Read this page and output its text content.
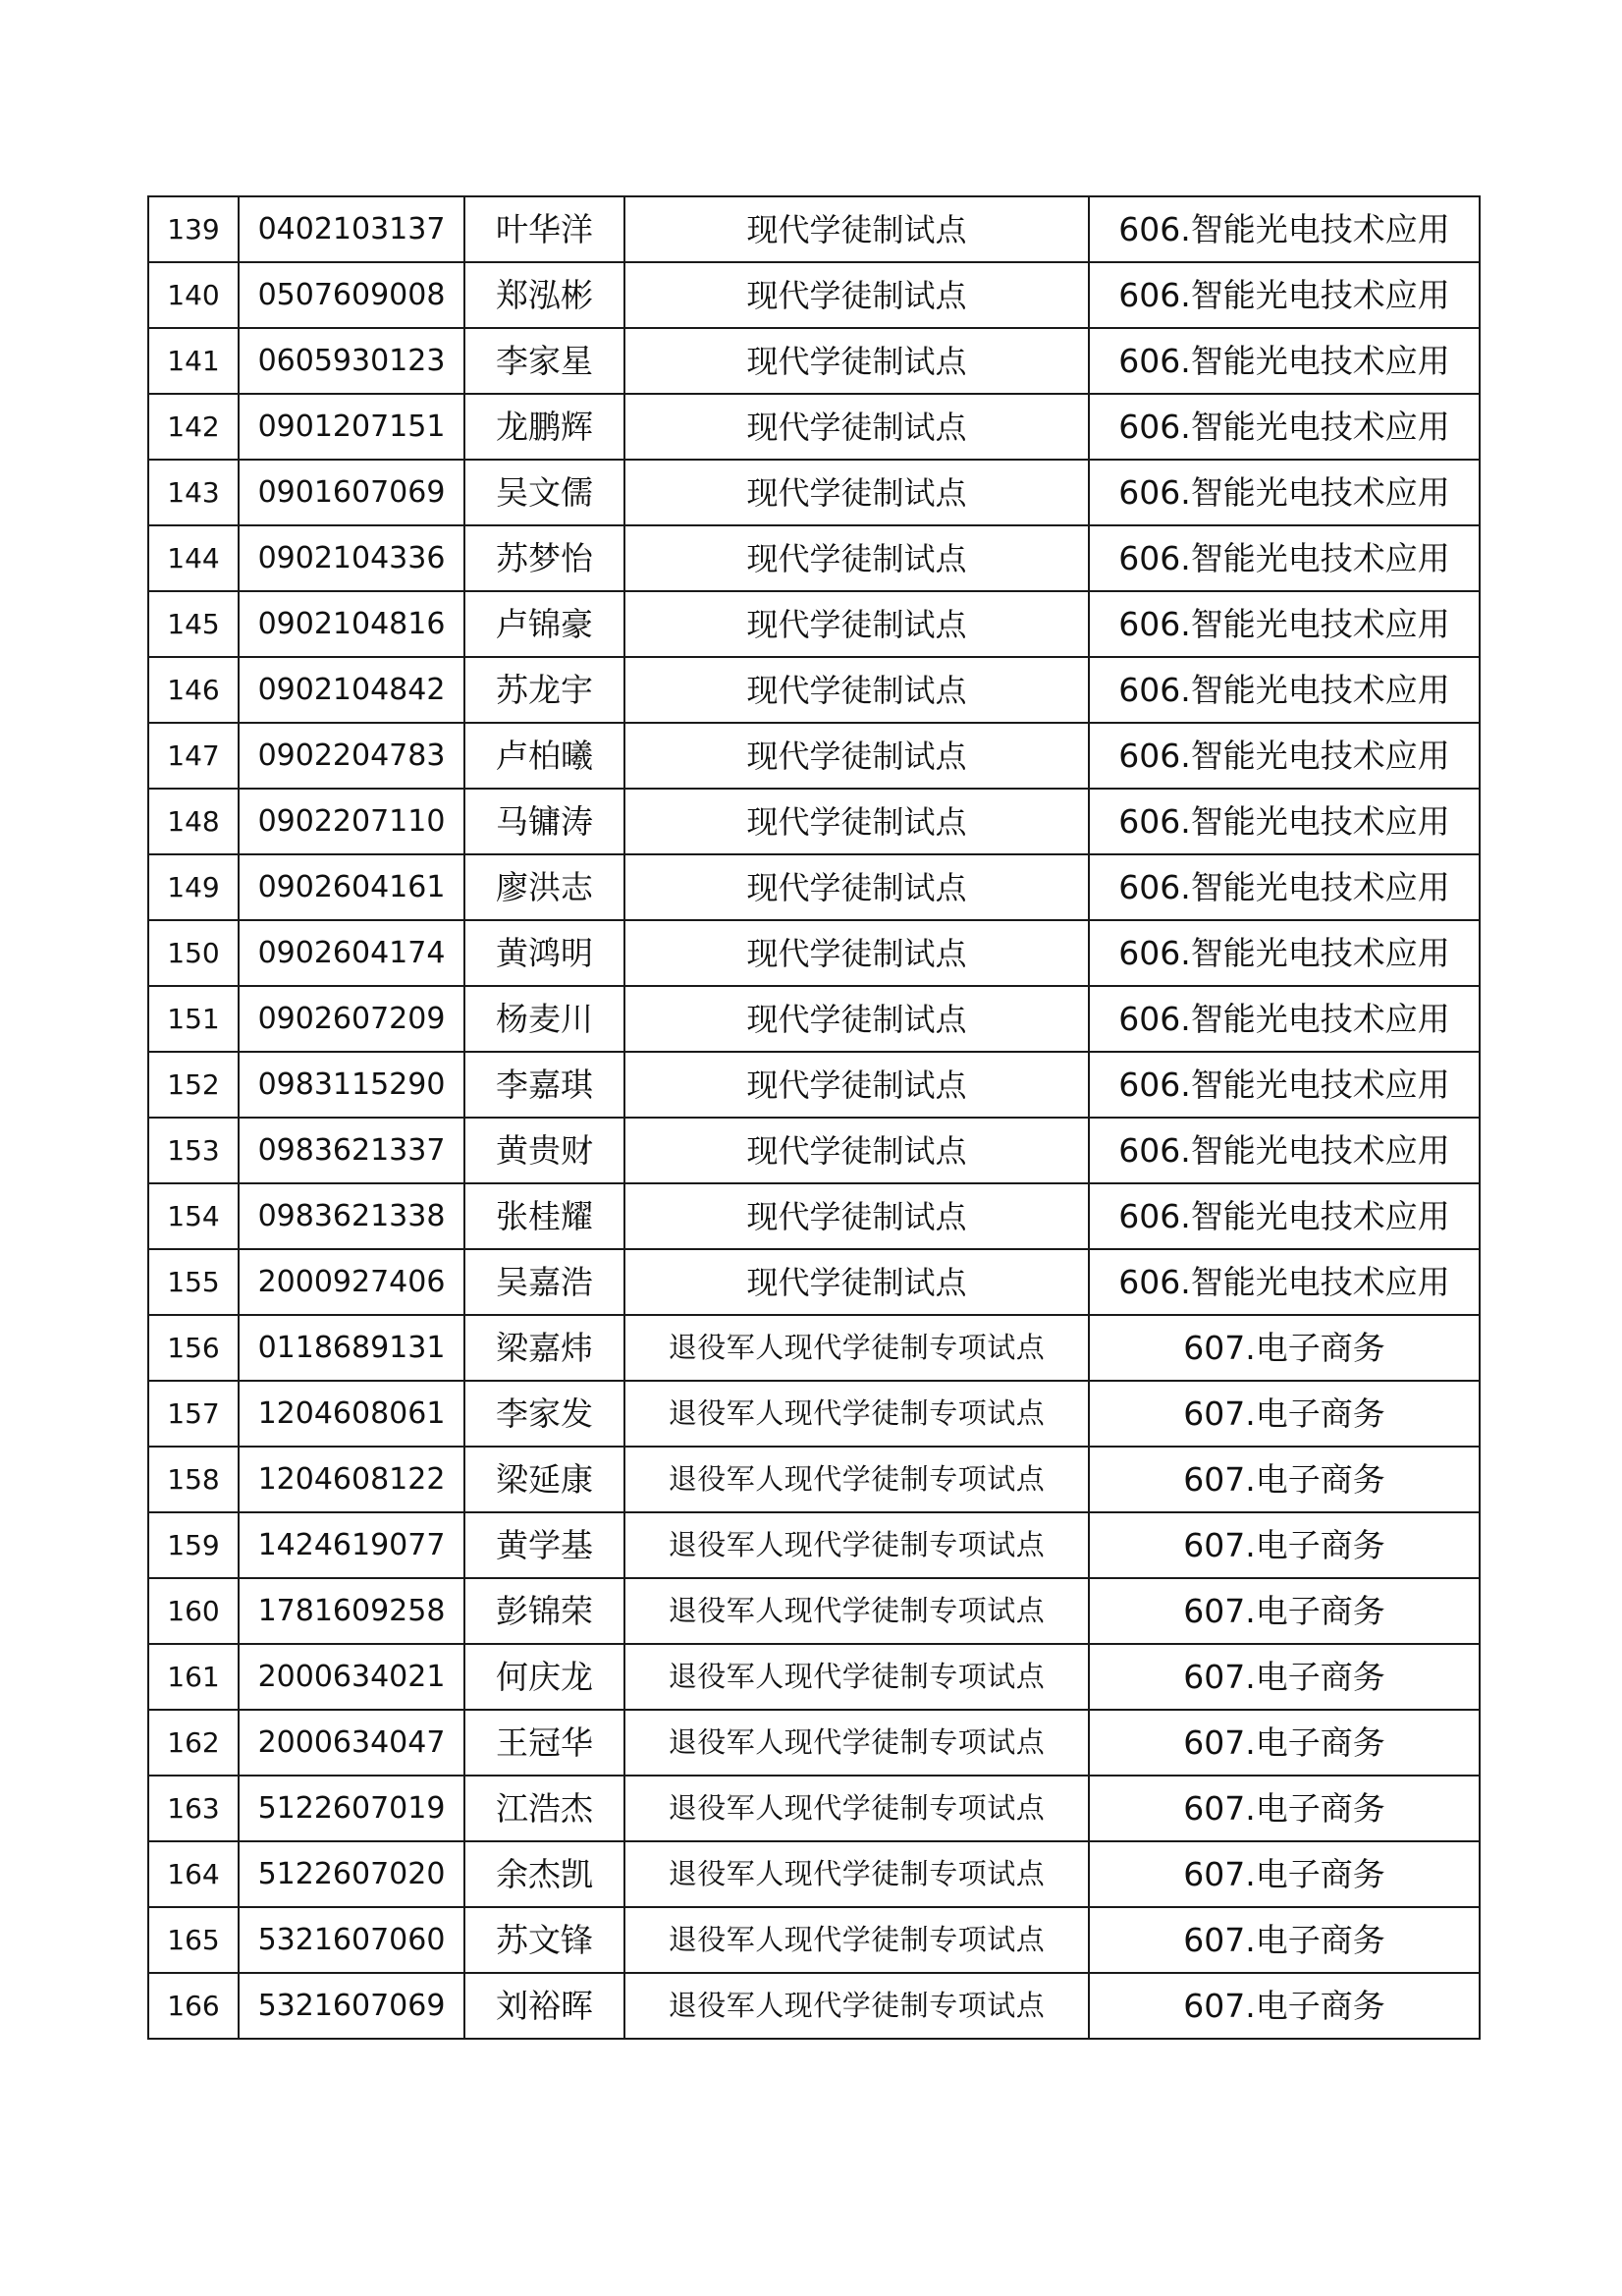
139	0402103137	叶华洋	现代学徒制试点	606.智能光电技术应用
140	0507609008	郑泓彬	现代学徒制试点	606.智能光电技术应用
141	0605930123	李家星	现代学徒制试点	606.智能光电技术应用
142	0901207151	龙鹏辉	现代学徒制试点	606.智能光电技术应用
143	0901607069	吴文儒	现代学徒制试点	606.智能光电技术应用
144	0902104336	苏梦怡	现代学徒制试点	606.智能光电技术应用
145	0902104816	卢锦豪	现代学徒制试点	606.智能光电技术应用
146	0902104842	苏龙宇	现代学徒制试点	606.智能光电技术应用
147	0902204783	卢柏曦	现代学徒制试点	606.智能光电技术应用
148	0902207110	马镛涛	现代学徒制试点	606.智能光电技术应用
149	0902604161	廖洪志	现代学徒制试点	606.智能光电技术应用
150	0902604174	黄鸿明	现代学徒制试点	606.智能光电技术应用
151	0902607209	杨麦川	现代学徒制试点	606.智能光电技术应用
152	0983115290	李嘉琪	现代学徒制试点	606.智能光电技术应用
153	0983621337	黄贵财	现代学徒制试点	606.智能光电技术应用
154	0983621338	张桂耀	现代学徒制试点	606.智能光电技术应用
155	2000927406	吴嘉浩	现代学徒制试点	606.智能光电技术应用
156	0118689131	梁嘉炜	退役军人现代学徒制专项试点	607.电子商务
157	1204608061	李家发	退役军人现代学徒制专项试点	607.电子商务
158	1204608122	梁延康	退役军人现代学徒制专项试点	607.电子商务
159	1424619077	黄学基	退役军人现代学徒制专项试点	607.电子商务
160	1781609258	彭锦荣	退役军人现代学徒制专项试点	607.电子商务
161	2000634021	何庆龙	退役军人现代学徒制专项试点	607.电子商务
162	2000634047	王冠华	退役军人现代学徒制专项试点	607.电子商务
163	5122607019	江浩杰	退役军人现代学徒制专项试点	607.电子商务
164	5122607020	余杰凯	退役军人现代学徒制专项试点	607.电子商务
165	5321607060	苏文锋	退役军人现代学徒制专项试点	607.电子商务
166	5321607069	刘裕晖	退役军人现代学徒制专项试点	607.电子商务
